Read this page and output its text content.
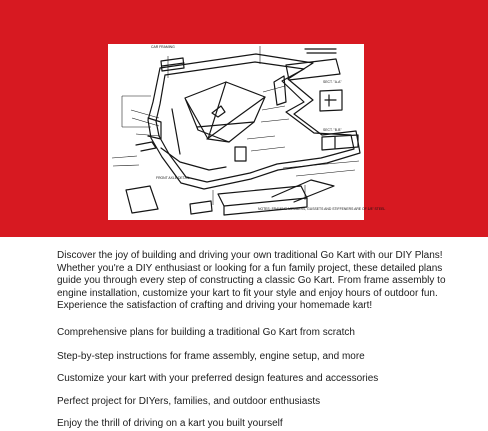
CAR FRAMING
SECT. "A-A"
SECT. "B-B"
FRONT AXLE DETAIL
NOTES: FRAMING MEMBERS, GUSSETS AND STIFFENERS ARE OF 1/8" STEEL

Discover the joy of building and driving your own traditional Go Kart with our DIY Plans! Whether you're a DIY enthusiast or looking for a fun family project, these detailed plans guide you through every step of constructing a classic Go Kart. From frame assembly to engine installation, customize your kart to fit your style and enjoy hours of outdoor fun. Experience the satisfaction of crafting and driving your homemade kart!

Comprehensive plans for building a traditional Go Kart from scratch

Step-by-step instructions for frame assembly, engine setup, and more

Customize your kart with your preferred design features and accessories

Perfect project for DIYers, families, and outdoor enthusiasts

Enjoy the thrill of driving on a kart you built yourself
